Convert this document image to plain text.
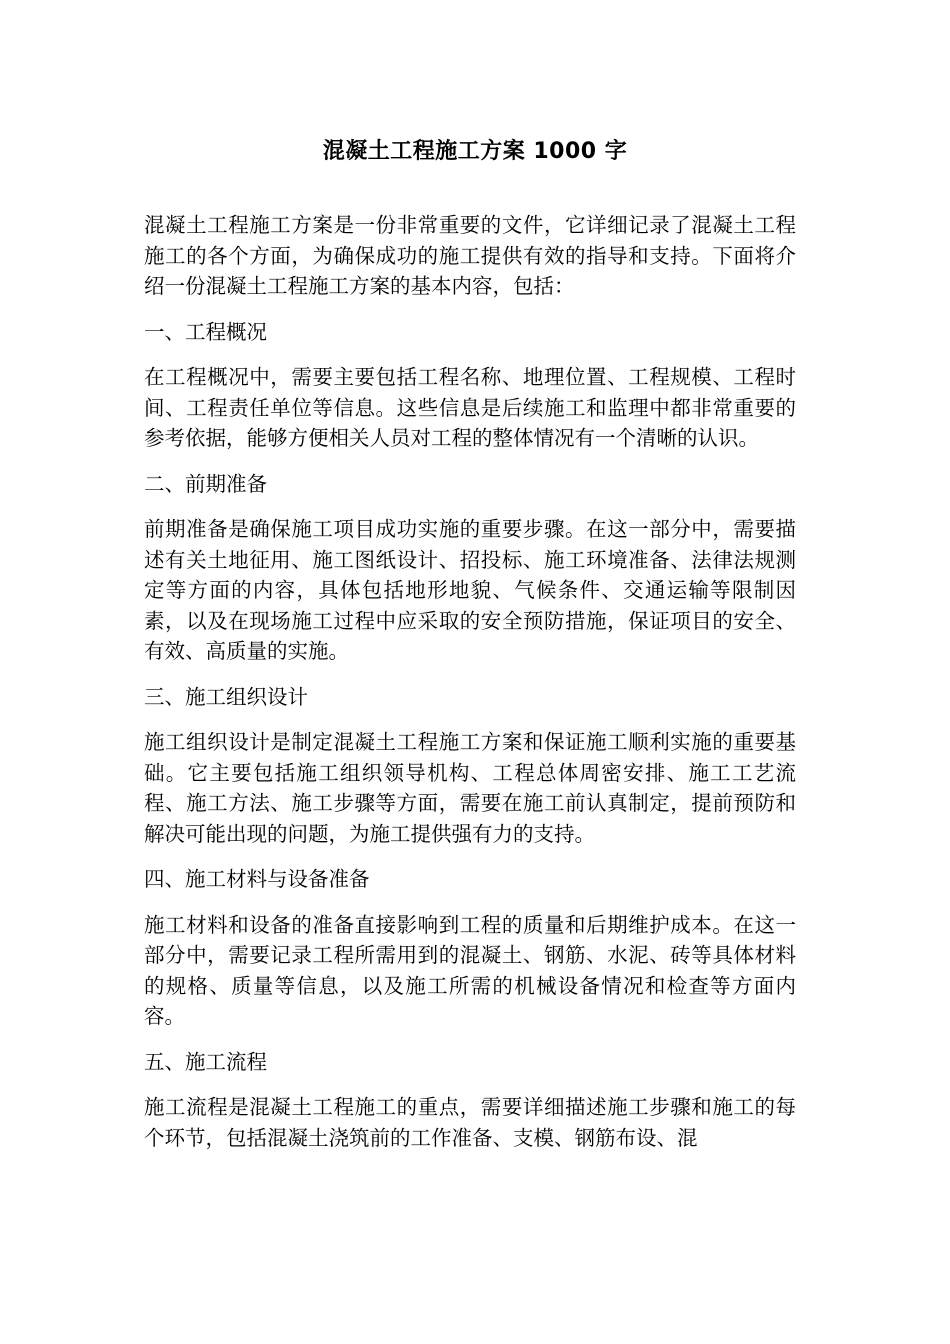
混凝土工程施工方案 1000 字

混凝土工程施工方案是一份非常重要的文件，它详细记录了混凝土工程施工的各个方面，为确保成功的施工提供有效的指导和支持。下面将介绍一份混凝土工程施工方案的基本内容，包括：

一、工程概况

在工程概况中，需要主要包括工程名称、地理位置、工程规模、工程时间、工程责任单位等信息。这些信息是后续施工和监理中都非常重要的参考依据，能够方便相关人员对工程的整体情况有一个清晰的认识。

二、前期准备

前期准备是确保施工项目成功实施的重要步骤。在这一部分中，需要描述有关土地征用、施工图纸设计、招投标、施工环境准备、法律法规测定等方面的内容，具体包括地形地貌、气候条件、交通运输等限制因素，以及在现场施工过程中应采取的安全预防措施，保证项目的安全、有效、高质量的实施。

三、施工组织设计

施工组织设计是制定混凝土工程施工方案和保证施工顺利实施的重要基础。它主要包括施工组织领导机构、工程总体周密安排、施工工艺流程、施工方法、施工步骤等方面，需要在施工前认真制定，提前预防和解决可能出现的问题，为施工提供强有力的支持。

四、施工材料与设备准备

施工材料和设备的准备直接影响到工程的质量和后期维护成本。在这一部分中，需要记录工程所需用到的混凝土、钢筋、水泥、砖等具体材料的规格、质量等信息，以及施工所需的机械设备情况和检查等方面内容。

五、施工流程

施工流程是混凝土工程施工的重点，需要详细描述施工步骤和施工的每个环节，包括混凝土浇筑前的工作准备、支模、钢筋布设、混
